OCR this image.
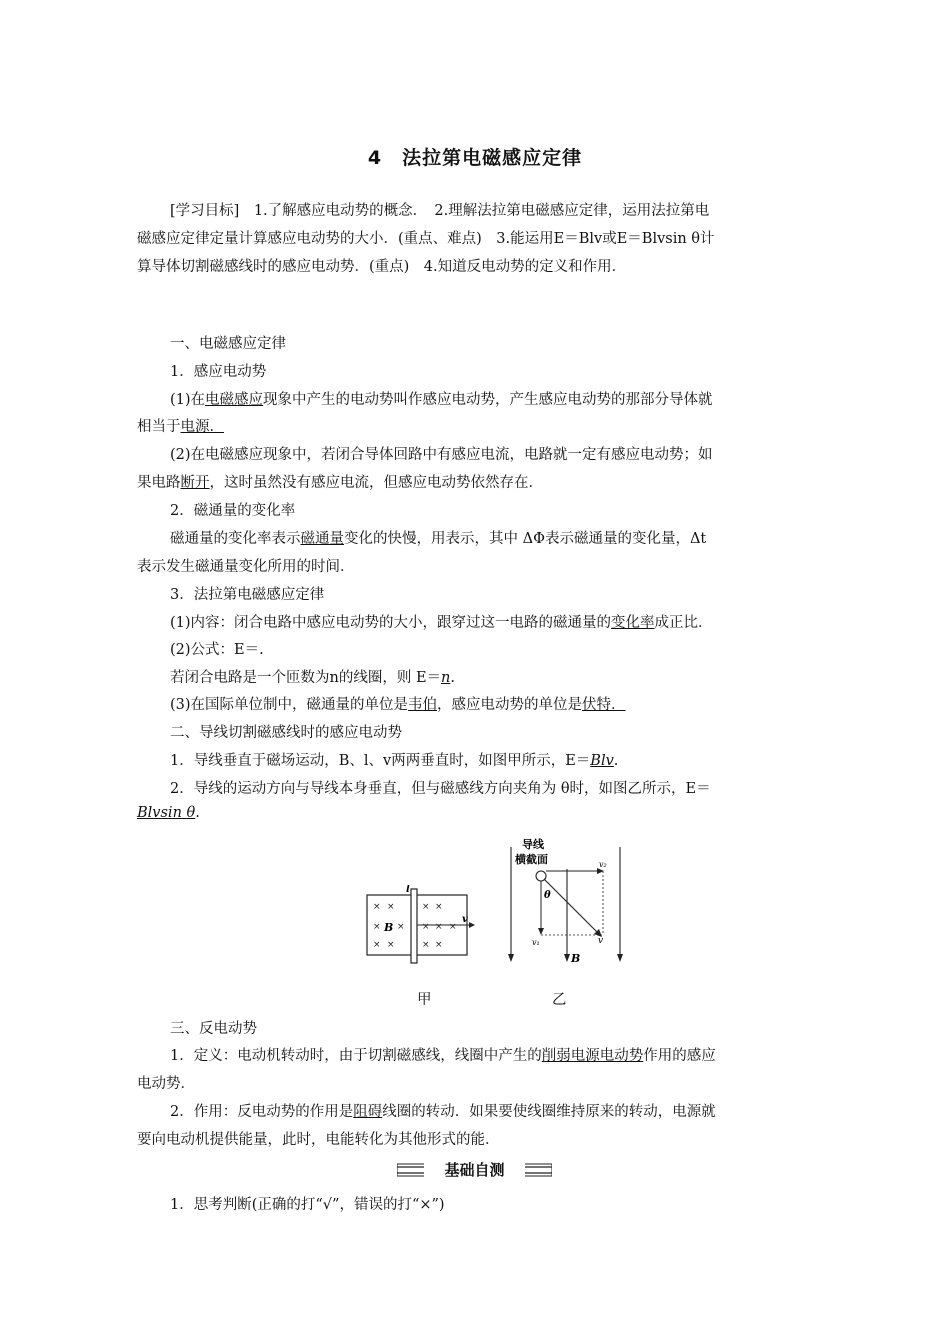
4　法拉第电磁感应定律
[学习目标]　1.了解感应电动势的概念．　2.理解法拉第电磁感应定律，运用法拉第电
磁感应定律定量计算感应电动势的大小．(重点、难点)　3.能运用E＝Blv或E＝Blvsin θ计
算导体切割磁感线时的感应电动势．(重点)　4.知道反电动势的定义和作用．
一、电磁感应定律
1．感应电动势
(1)在电磁感应现象中产生的电动势叫作感应电动势，产生感应电动势的那部分导体就
相当于电源．
(2)在电磁感应现象中，若闭合导体回路中有感应电流，电路就一定有感应电动势；如
果电路断开，这时虽然没有感应电流，但感应电动势依然存在．
2．磁通量的变化率
磁通量的变化率表示磁通量变化的快慢，用表示，其中 ΔΦ表示磁通量的变化量，Δt
表示发生磁通量变化所用的时间．
3．法拉第电磁感应定律
(1)内容：闭合电路中感应电动势的大小，跟穿过这一电路的磁通量的变化率成正比．
(2)公式：E＝.
若闭合电路是一个匝数为n的线圈，则 E＝n.
(3)在国际单位制中，磁通量的单位是韦伯，感应电动势的单位是伏特．
二、导线切割磁感线时的感应电动势
1．导线垂直于磁场运动，B、l、v两两垂直时，如图甲所示，E＝Blv.
2．导线的运动方向与导线本身垂直，但与磁感线方向夹角为 θ时，如图乙所示，E＝
Blvsin θ.
× ×
× ×
× ×
× ×
× × ×
× ×
l
B
v
甲
导线
横截面
θ
v₂
v₁	v
B
乙
三、反电动势
1．定义：电动机转动时，由于切割磁感线，线圈中产生的削弱电源电动势作用的感应
电动势．
2．作用：反电动势的作用是阻碍线圈的转动．如果要使线圈维持原来的转动，电源就
要向电动机提供能量，此时，电能转化为其他形式的能．
基础自测
1．思考判断(正确的打“√”，错误的打“×”)
